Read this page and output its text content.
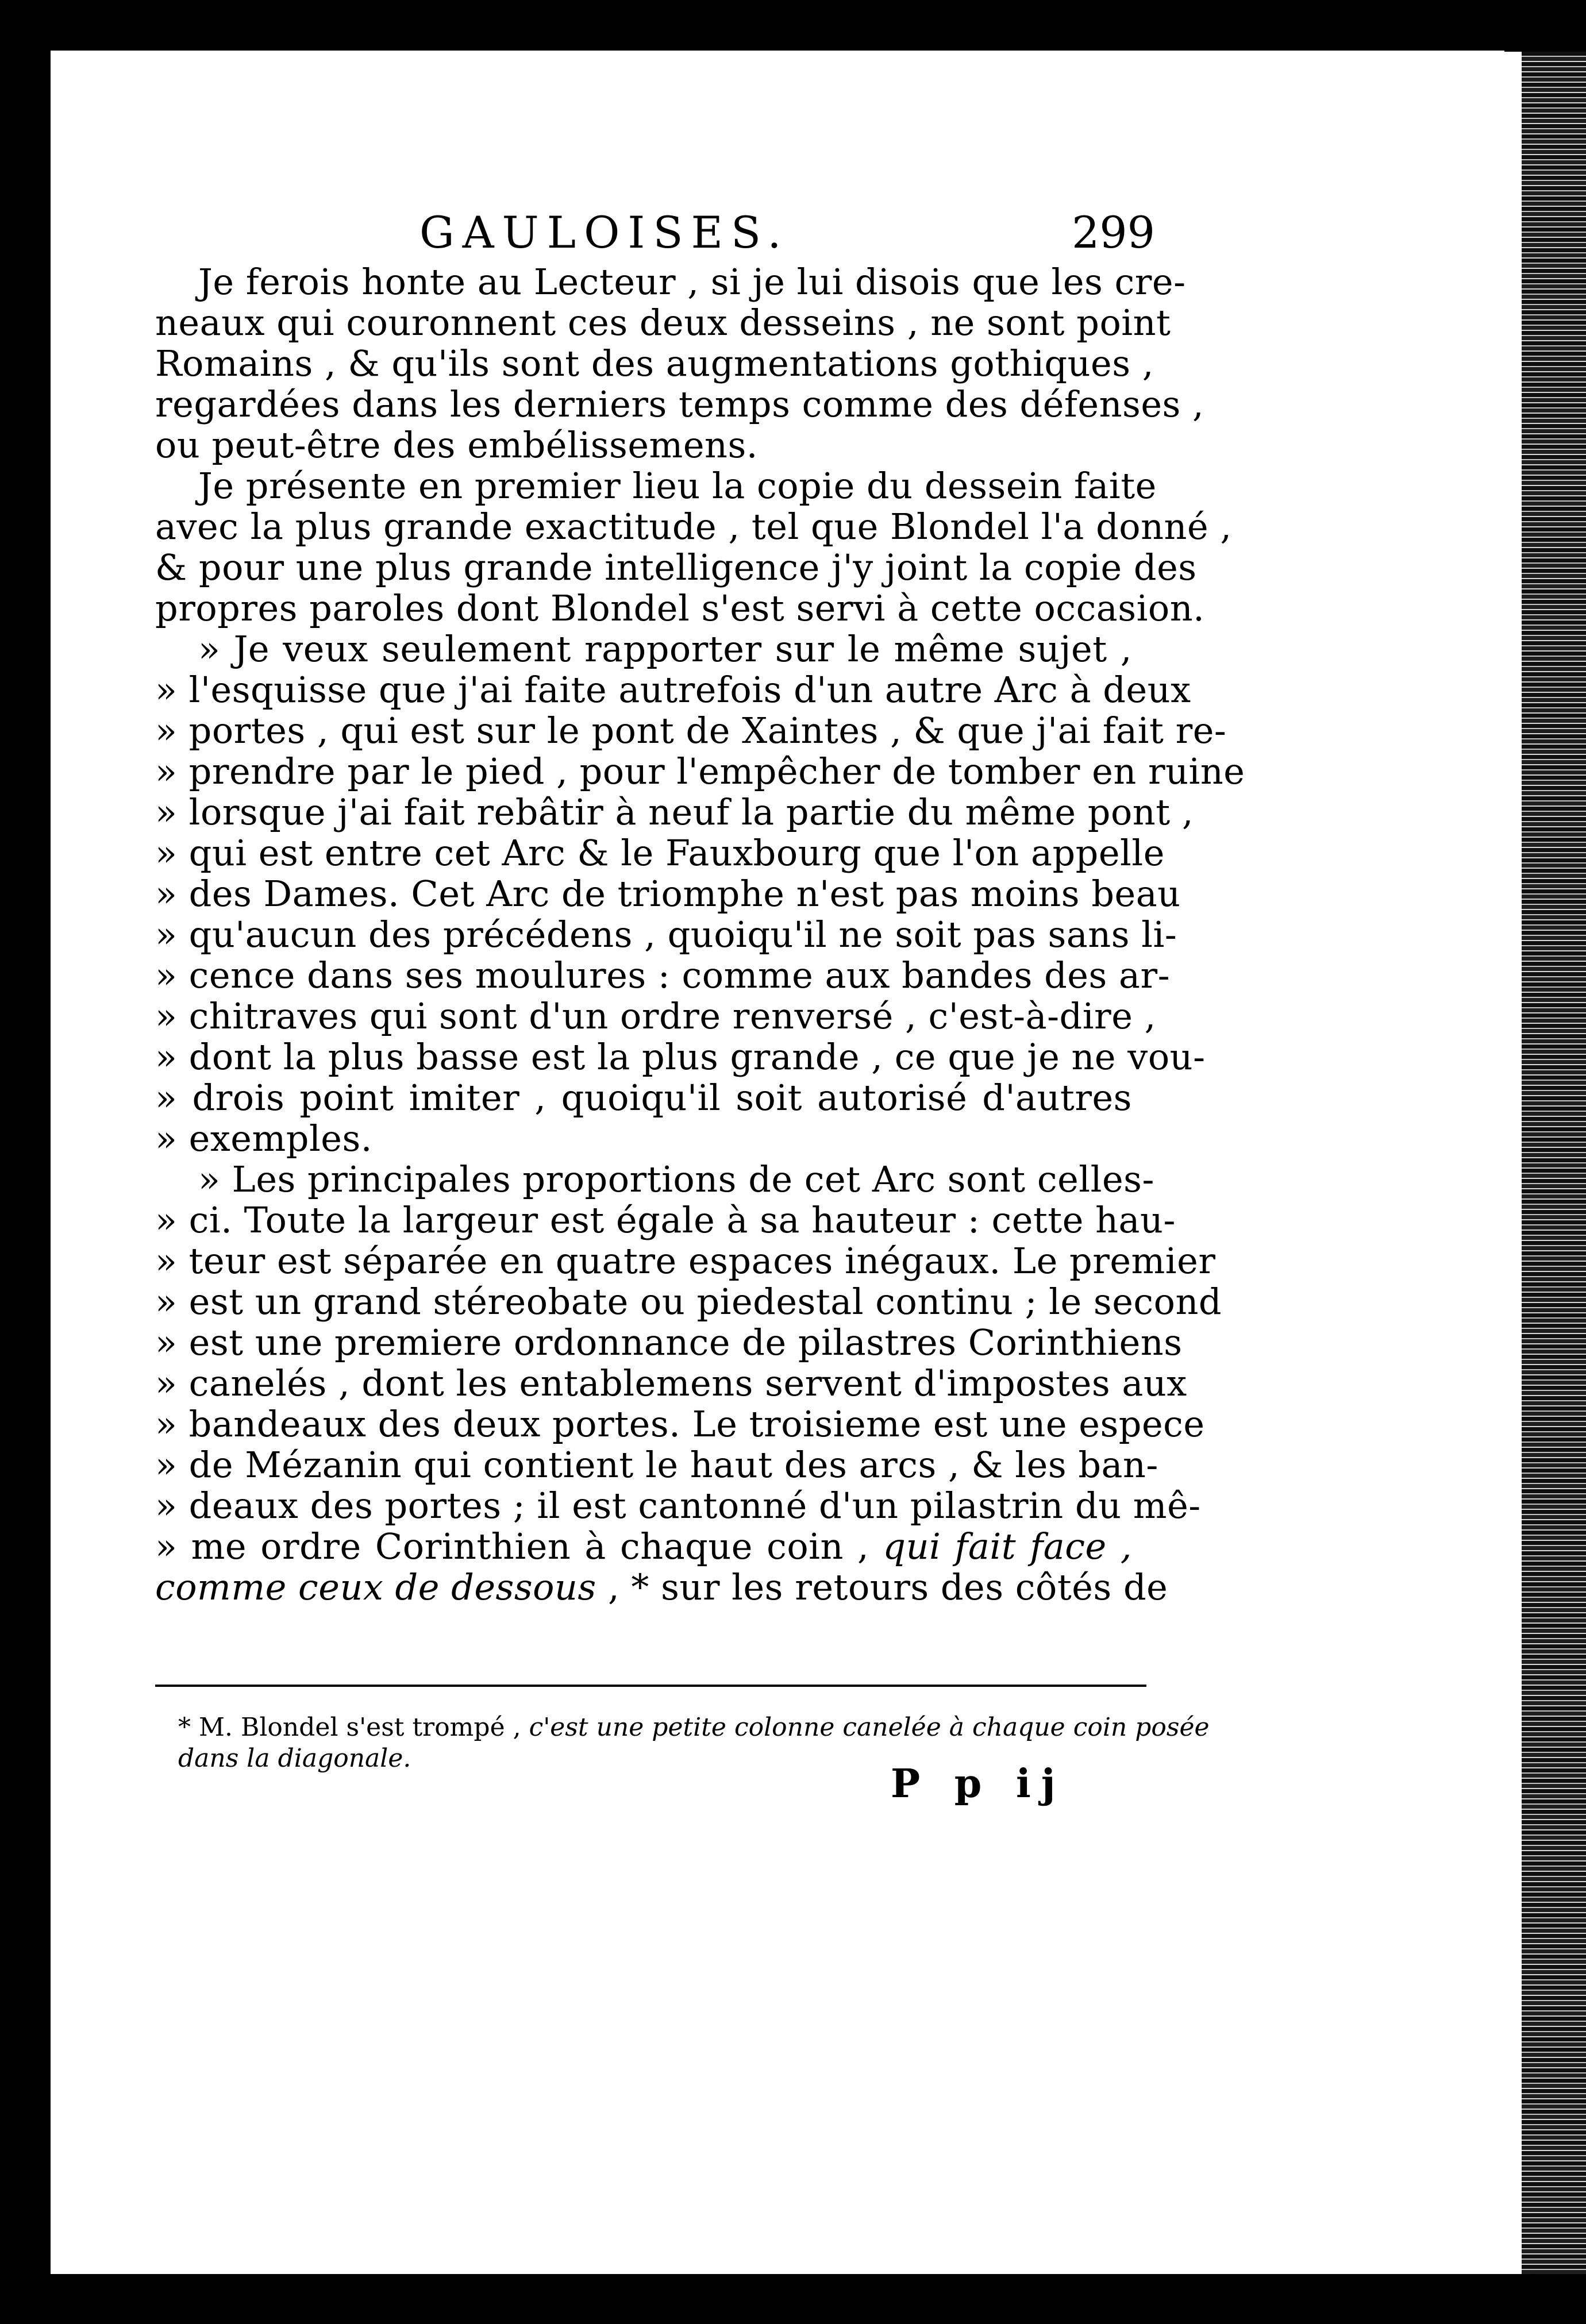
GAULOISES.	299
Je ferois honte au Lecteur , si je lui disois que les cre-
neaux qui couronnent ces deux desseins , ne sont point
Romains , & qu'ils sont des augmentations gothiques ,
regardées dans les derniers temps comme des défenses ,
ou peut-être des embélissemens.
Je présente en premier lieu la copie du dessein faite
avec la plus grande exactitude , tel que Blondel l'a donné ,
& pour une plus grande intelligence j'y joint la copie des
propres paroles dont Blondel s'est servi à cette occasion.
» Je veux seulement rapporter sur le même sujet ,
» l'esquisse que j'ai faite autrefois d'un autre Arc à deux
» portes , qui est sur le pont de Xaintes , & que j'ai fait re-
» prendre par le pied , pour l'empêcher de tomber en ruine
» lorsque j'ai fait rebâtir à neuf la partie du même pont ,
» qui est entre cet Arc & le Fauxbourg que l'on appelle
» des Dames. Cet Arc de triomphe n'est pas moins beau
» qu'aucun des précédens , quoiqu'il ne soit pas sans li-
» cence dans ses moulures : comme aux bandes des ar-
» chitraves qui sont d'un ordre renversé , c'est-à-dire ,
» dont la plus basse est la plus grande , ce que je ne vou-
» drois point imiter , quoiqu'il soit autorisé d'autres
» exemples.
» Les principales proportions de cet Arc sont celles-
» ci. Toute la largeur est égale à sa hauteur : cette hau-
» teur est séparée en quatre espaces inégaux. Le premier
» est un grand stéreobate ou piedestal continu ; le second
» est une premiere ordonnance de pilastres Corinthiens
» canelés , dont les entablemens servent d'impostes aux
» bandeaux des deux portes. Le troisieme est une espece
» de Mézanin qui contient le haut des arcs , & les ban-
» deaux des portes ; il est cantonné d'un pilastrin du mê-
» me ordre Corinthien à chaque coin , qui fait face ,
comme ceux de dessous , * sur les retours des côtés de
* M. Blondel s'est trompé , c'est une petite colonne canelée à chaque coin posée
dans la diagonale.
P p ij
